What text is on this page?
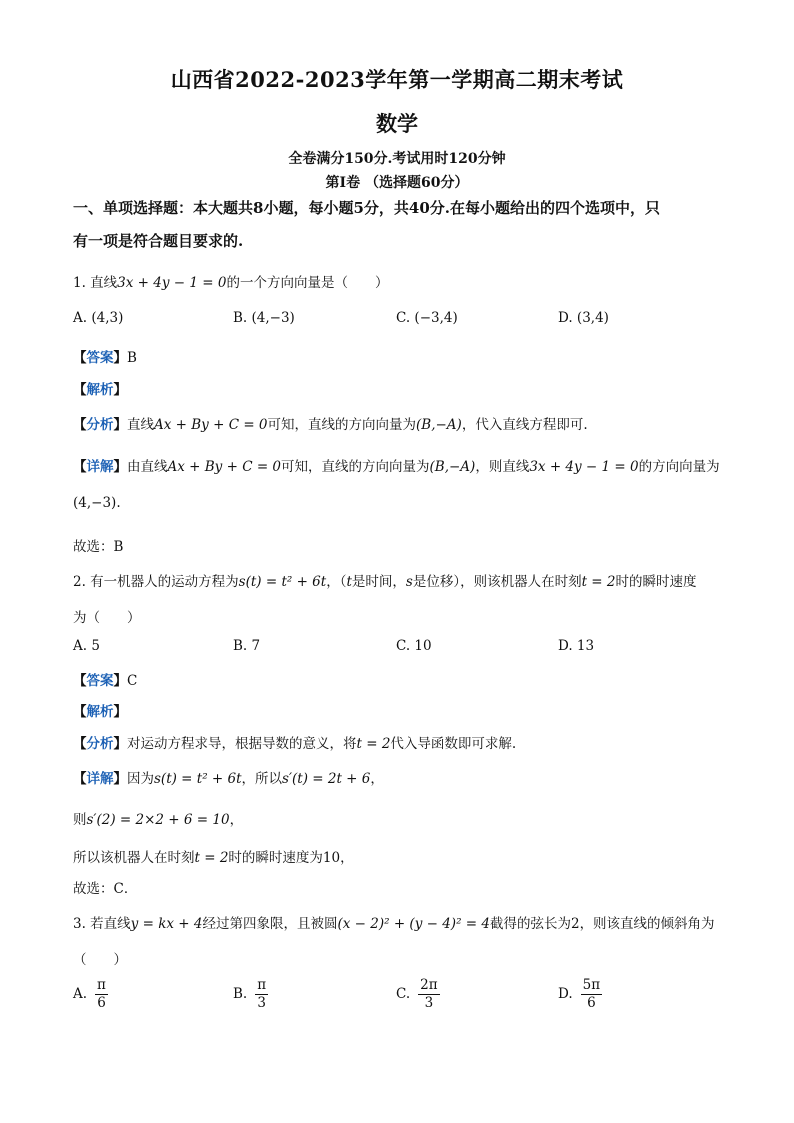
山西省2022-2023学年第一学期高二期末考试
数学
全卷满分150分.考试用时120分钟
第I卷 （选择题60分）
一、单项选择题：本大题共8小题，每小题5分，共40分.在每小题给出的四个选项中，只
有一项是符合题目要求的.
1. 直线3x + 4y − 1 = 0的一个方向向量是（　　）
A. (4,3)	B. (4,−3)	C. (−3,4)	D. (3,4)
【答案】B
【解析】
【分析】直线Ax + By + C = 0可知，直线的方向向量为(B,−A)，代入直线方程即可.
【详解】由直线Ax + By + C = 0可知，直线的方向向量为(B,−A)，则直线3x + 4y − 1 = 0的方向向量为
(4,−3).
故选：B
2. 有一机器人的运动方程为s(t) = t² + 6t，（t是时间，s是位移），则该机器人在时刻t = 2时的瞬时速度
为（　　）
A. 5	B. 7	C. 10	D. 13
【答案】C
【解析】
【分析】对运动方程求导，根据导数的意义，将t = 2代入导函数即可求解.
【详解】因为s(t) = t² + 6t，所以s′(t) = 2t + 6，
则s′(2) = 2×2 + 6 = 10，
所以该机器人在时刻t = 2时的瞬时速度为10，
故选：C．
3. 若直线y = kx + 4经过第四象限，且被圆(x − 2)² + (y − 4)² = 4截得的弦长为2，则该直线的倾斜角为
（　　）
A. $\frac{\pi}{6}$	B. $\frac{\pi}{3}$	C. $\frac{2\pi}{3}$	D. $\frac{5\pi}{6}$
